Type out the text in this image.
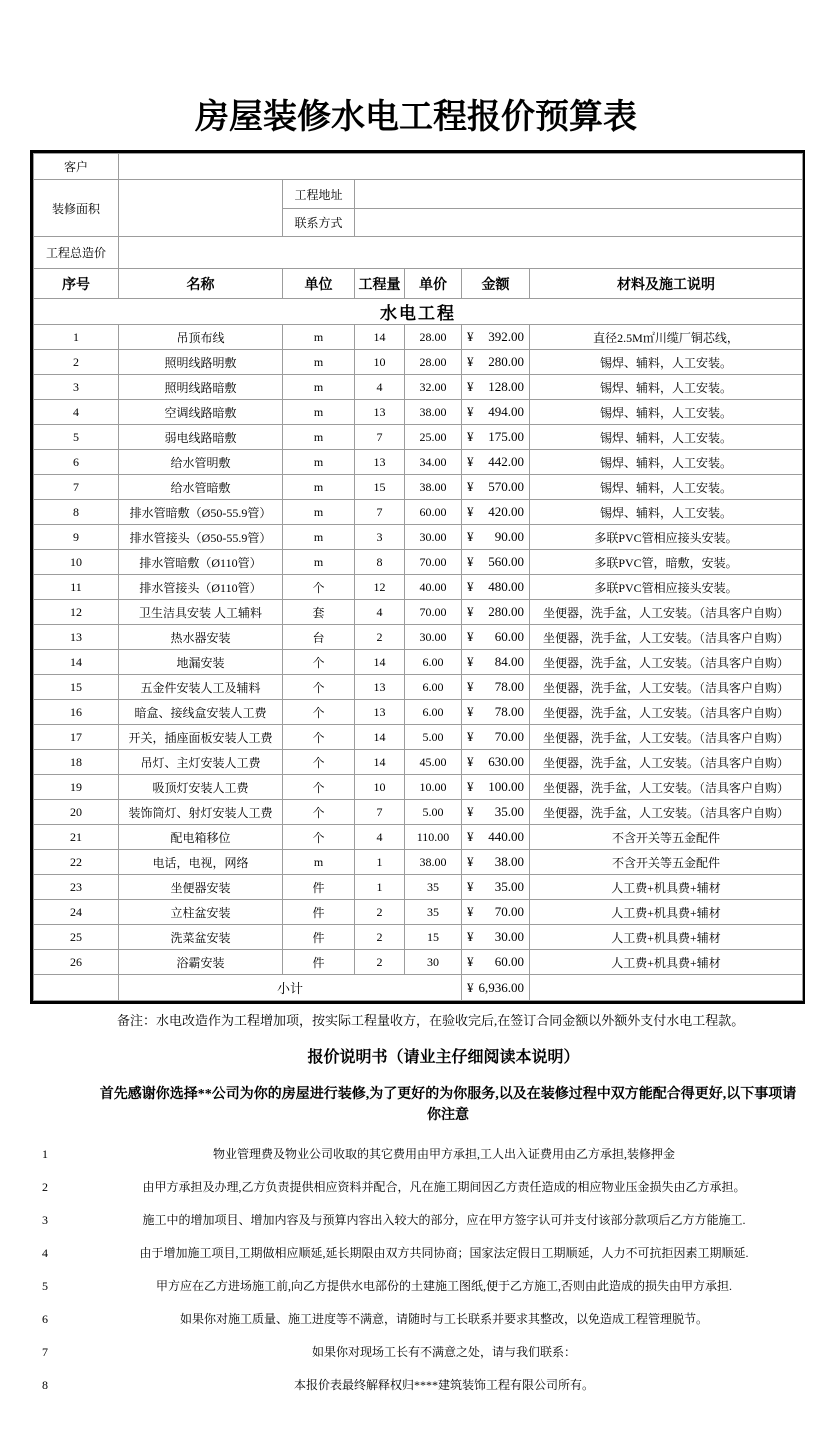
房屋装修水电工程报价预算表
客户						
装修面积		工程地址				
		联系方式				
工程总造价						
序号	名称	单位	工程量	单价	金额	材料及施工说明
水电工程						
1	吊顶布线	m	14	28.00	¥ 392.00	直径2.5M㎡川缆厂铜芯线，
2	照明线路明敷	m	10	28.00	¥ 280.00	锡焊、辅料，人工安装。
3	照明线路暗敷	m	4	32.00	¥ 128.00	锡焊、辅料，人工安装。
4	空调线路暗敷	m	13	38.00	¥ 494.00	锡焊、辅料，人工安装。
5	弱电线路暗敷	m	7	25.00	¥ 175.00	锡焊、辅料，人工安装。
6	给水管明敷	m	13	34.00	¥ 442.00	锡焊、辅料，人工安装。
7	给水管暗敷	m	15	38.00	¥ 570.00	锡焊、辅料，人工安装。
8	排水管暗敷（Ø50-55.9管）	m	7	60.00	¥ 420.00	锡焊、辅料，人工安装。
9	排水管接头（Ø50-55.9管）	m	3	30.00	¥ 90.00	多联PVC管相应接头安装。
10	排水管暗敷（Ø110管）	m	8	70.00	¥ 560.00	多联PVC管，暗敷，安装。
11	排水管接头（Ø110管）	个	12	40.00	¥ 480.00	多联PVC管相应接头安装。
12	卫生洁具安装 人工辅料	套	4	70.00	¥ 280.00	坐便器，洗手盆，人工安装。（洁具客户自购）
13	热水器安装	台	2	30.00	¥ 60.00	坐便器，洗手盆，人工安装。（洁具客户自购）
14	地漏安装	个	14	6.00	¥ 84.00	坐便器，洗手盆，人工安装。（洁具客户自购）
15	五金件安装人工及辅料	个	13	6.00	¥ 78.00	坐便器，洗手盆，人工安装。（洁具客户自购）
16	暗盒、接线盒安装人工费	个	13	6.00	¥ 78.00	坐便器，洗手盆，人工安装。（洁具客户自购）
17	开关，插座面板安装人工费	个	14	5.00	¥ 70.00	坐便器，洗手盆，人工安装。（洁具客户自购）
18	吊灯、主灯安装人工费	个	14	45.00	¥ 630.00	坐便器，洗手盆，人工安装。（洁具客户自购）
19	吸顶灯安装人工费	个	10	10.00	¥ 100.00	坐便器，洗手盆，人工安装。（洁具客户自购）
20	装饰筒灯、射灯安装人工费	个	7	5.00	¥ 35.00	坐便器，洗手盆，人工安装。（洁具客户自购）
21	配电箱移位	个	4	110.00	¥ 440.00	不含开关等五金配件
22	电话，电视，网络	m	1	38.00	¥ 38.00	不含开关等五金配件
23	坐便器安装	件	1	35	¥ 35.00	人工费+机具费+辅材
24	立柱盆安装	件	2	35	¥ 70.00	人工费+机具费+辅材
25	洗菜盆安装	件	2	15	¥ 30.00	人工费+机具费+辅材
26	浴霸安装	件	2	30	¥ 60.00	人工费+机具费+辅材
	小计				¥ 6,936.00	

备注：水电改造作为工程增加项，按实际工程量收方，在验收完后,在签订合同金额以外额外支付水电工程款。
报价说明书（请业主仔细阅读本说明）
首先感谢你选择**公司为你的房屋进行装修,为了更好的为你服务,以及在装修过程中双方能配合得更好,以下事项请你注意
1	物业管理费及物业公司收取的其它费用由甲方承担,工人出入证费用由乙方承担,装修押金
2	由甲方承担及办理,乙方负责提供相应资料并配合，凡在施工期间因乙方责任造成的相应物业压金损失由乙方承担。
3	施工中的增加项目、增加内容及与预算内容出入较大的部分，应在甲方签字认可并支付该部分款项后乙方方能施工.
4	由于增加施工项目,工期做相应顺延,延长期限由双方共同协商；国家法定假日工期顺延，人力不可抗拒因素工期顺延.
5	甲方应在乙方进场施工前,向乙方提供水电部份的土建施工图纸,便于乙方施工,否则由此造成的损失由甲方承担.
6	如果你对施工质量、施工进度等不满意，请随时与工长联系并要求其整改，以免造成工程管理脱节。
7	如果你对现场工长有不满意之处，请与我们联系：
8	本报价表最终解释权归****建筑装饰工程有限公司所有。
